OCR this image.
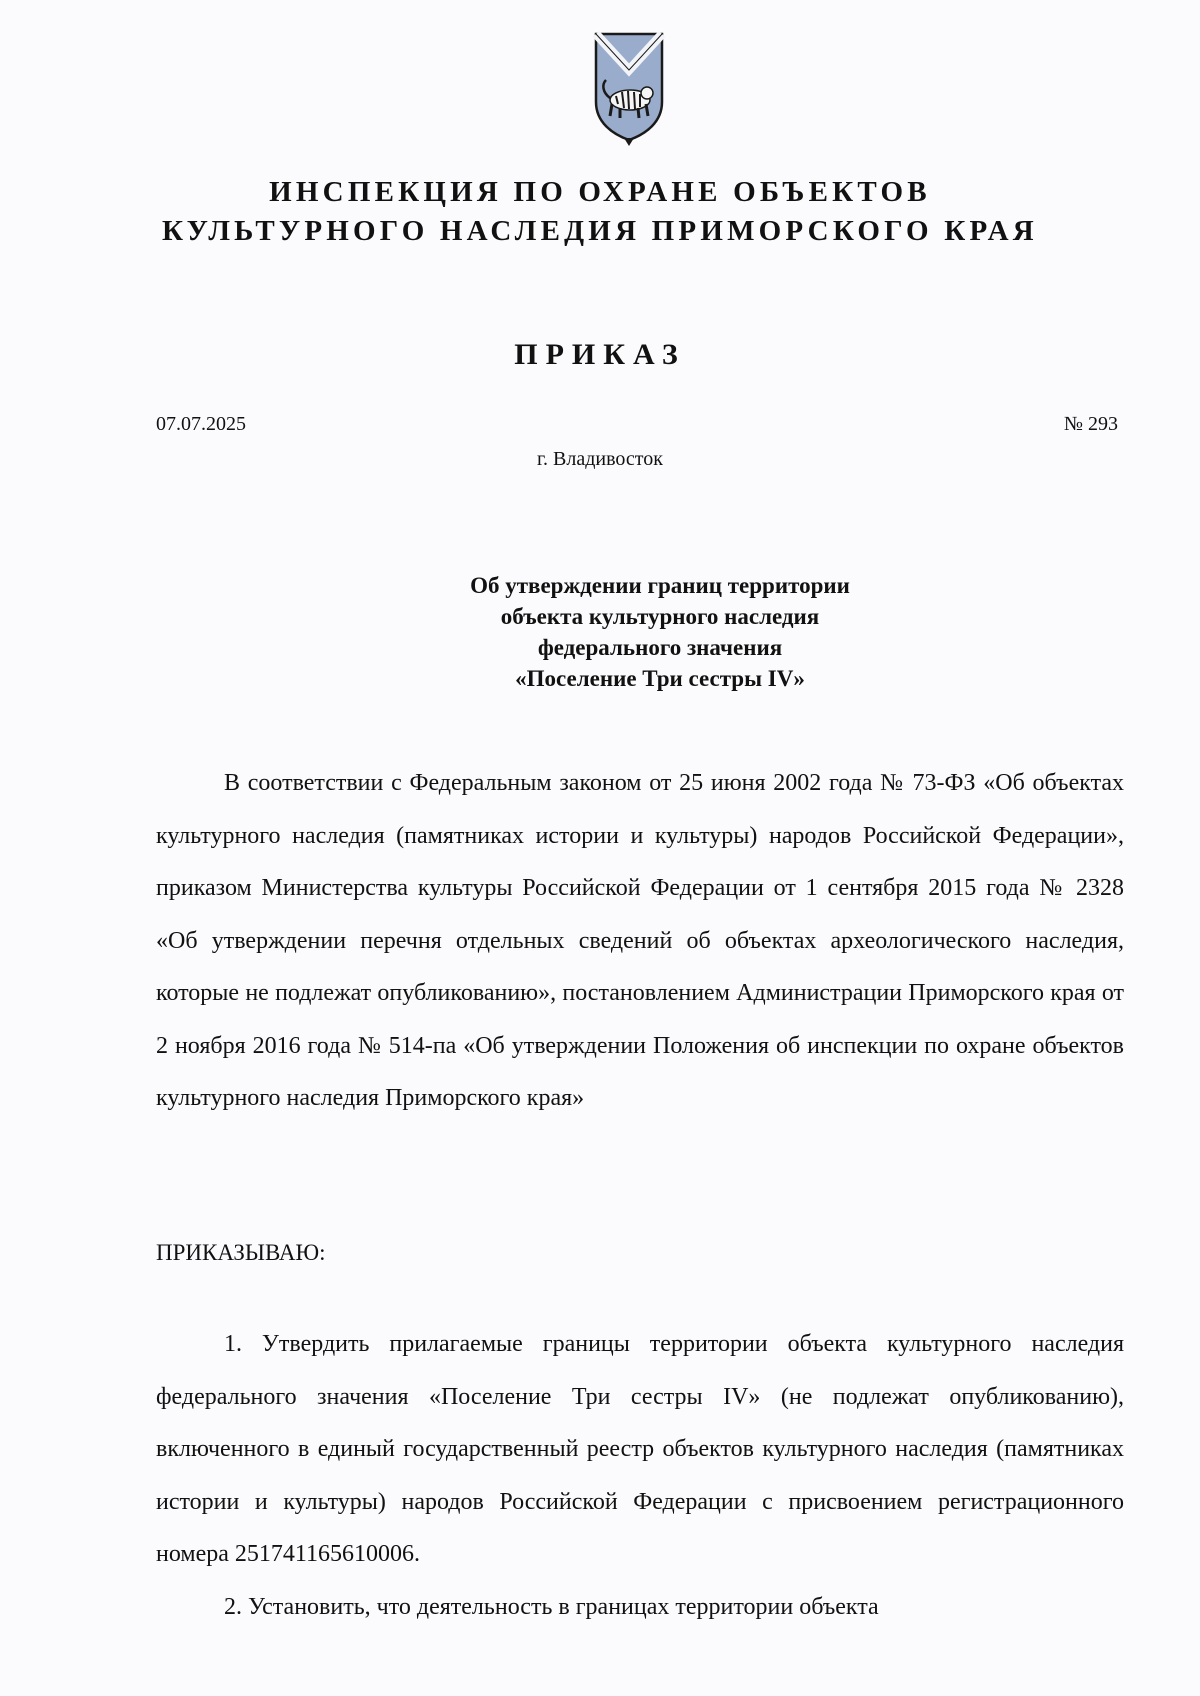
ИНСПЕКЦИЯ ПО ОХРАНЕ ОБЪЕКТОВ
КУЛЬТУРНОГО НАСЛЕДИЯ ПРИМОРСКОГО КРАЯ
ПРИКАЗ
07.07.2025	№ 293
г. Владивосток
Об утверждении границ территории
объекта культурного наследия
федерального значения
«Поселение Три сестры IV»
В соответствии с Федеральным законом от 25 июня 2002 года № 73-ФЗ «Об объектах культурного наследия (памятниках истории и культуры) народов Российской Федерации», приказом Министерства культуры Российской Федерации от 1 сентября 2015 года № 2328 «Об утверждении перечня отдельных сведений об объектах археологического наследия, которые не подлежат опубликованию», постановлением Администрации Приморского края от 2 ноября 2016 года № 514-па «Об утверждении Положения об инспекции по охране объектов культурного наследия Приморского края»
ПРИКАЗЫВАЮ:
1. Утвердить прилагаемые границы территории объекта культурного наследия федерального значения «Поселение Три сестры IV» (не подлежат опубликованию), включенного в единый государственный реестр объектов культурного наследия (памятниках истории и культуры) народов Российской Федерации с присвоением регистрационного номера 251741165610006.
2. Установить, что деятельность в границах территории объекта
